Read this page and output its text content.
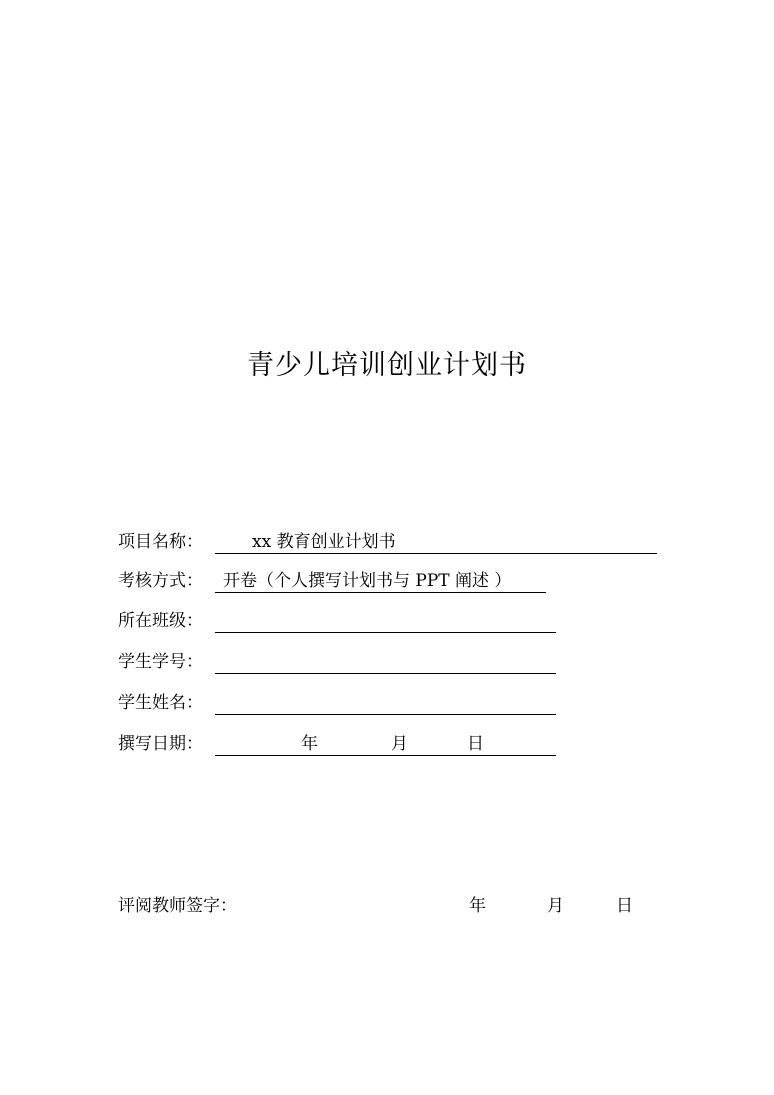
青少儿培训创业计划书
项目名称：	xx 教育创业计划书
考核方式： 开卷（个人撰写计划书与 PPT 阐述 ）
所在班级：
学生学号：
学生姓名：
撰写日期：	年	月	日
评阅教师签字：	年	月	日
